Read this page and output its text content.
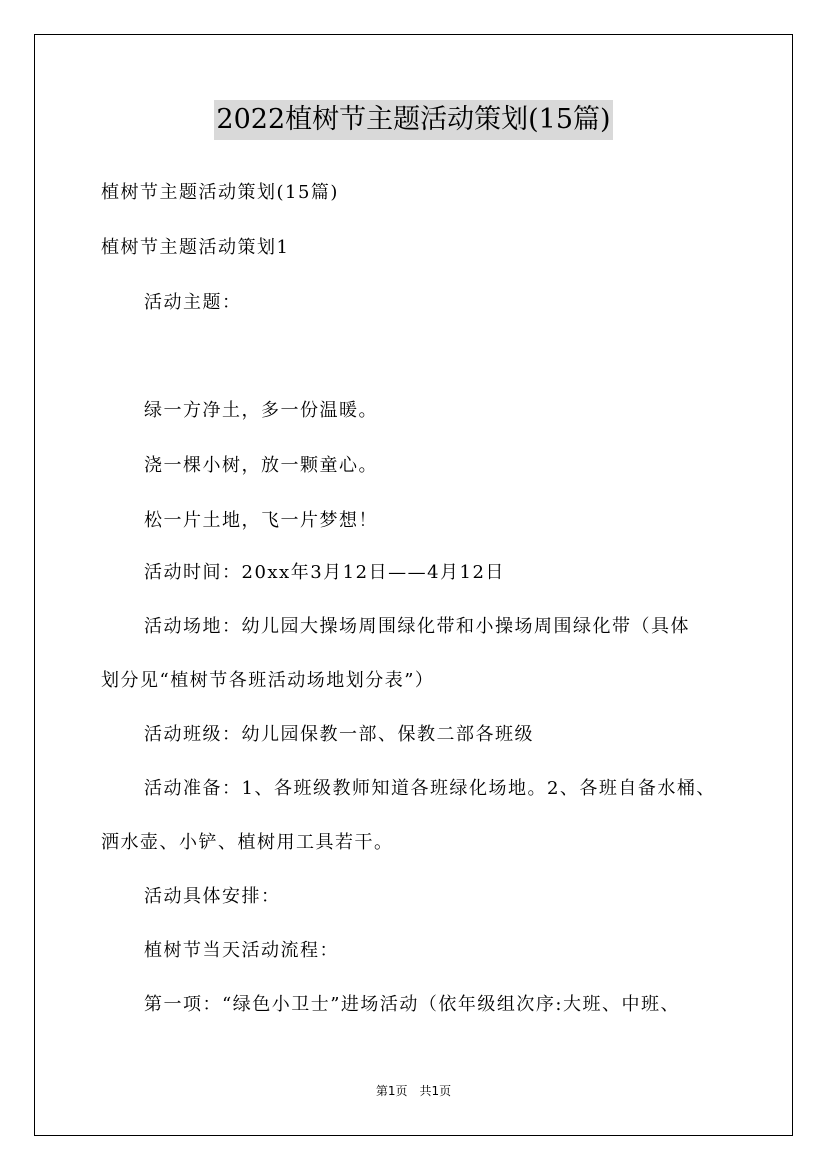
2022植树节主题活动策划(15篇)
植树节主题活动策划(15篇)
植树节主题活动策划1
活动主题：
绿一方净土，多一份温暖。
浇一棵小树，放一颗童心。
松一片土地，飞一片梦想！
活动时间：20xx年3月12日——4月12日
活动场地：幼儿园大操场周围绿化带和小操场周围绿化带（具体
划分见“植树节各班活动场地划分表”）
活动班级：幼儿园保教一部、保教二部各班级
活动准备：1、各班级教师知道各班绿化场地。2、各班自备水桶、
洒水壶、小铲、植树用工具若干。
活动具体安排：
植树节当天活动流程：
第一项：“绿色小卫士”进场活动（依年级组次序:大班、中班、
第1页　共1页
